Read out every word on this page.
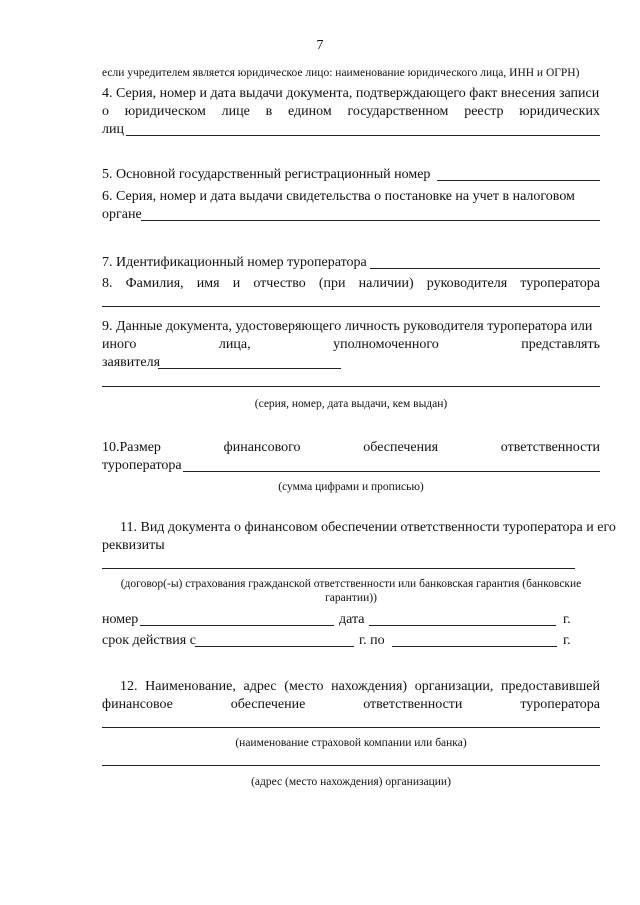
7
если учредителем является юридическое лицо: наименование юридического лица, ИНН и ОГРН)
4. Серия, номер и дата выдачи документа, подтверждающего факт внесения записи
о юридическом лице в едином государственном реестр юридических
лиц
5. Основной государственный регистрационный номер
6. Серия, номер и дата выдачи свидетельства о постановке на учет в налоговом
органе
7. Идентификационный номер туроператора
8. Фамилия, имя и отчество (при наличии) руководителя туроператора
9. Данные документа, удостоверяющего личность руководителя туроператора или
иного	лица,	уполномоченного	представлять
заявителя
(серия, номер, дата выдачи, кем выдан)
10.Размер	финансового	обеспечения	ответственности
туроператора
(сумма цифрами и прописью)
11. Вид документа о финансовом обеспечении ответственности туроператора и его
реквизиты
(договор(-ы) страхования гражданской ответственности или банковская гарантия (банковские
гарантии))
номер	дата	г.
срок действия с	г. по	г.
12. Наименование, адрес (место нахождения) организации, предоставившей
финансовое	обеспечение	ответственности	туроператора
(наименование страховой компании или банка)
(адрес (место нахождения) организации)
